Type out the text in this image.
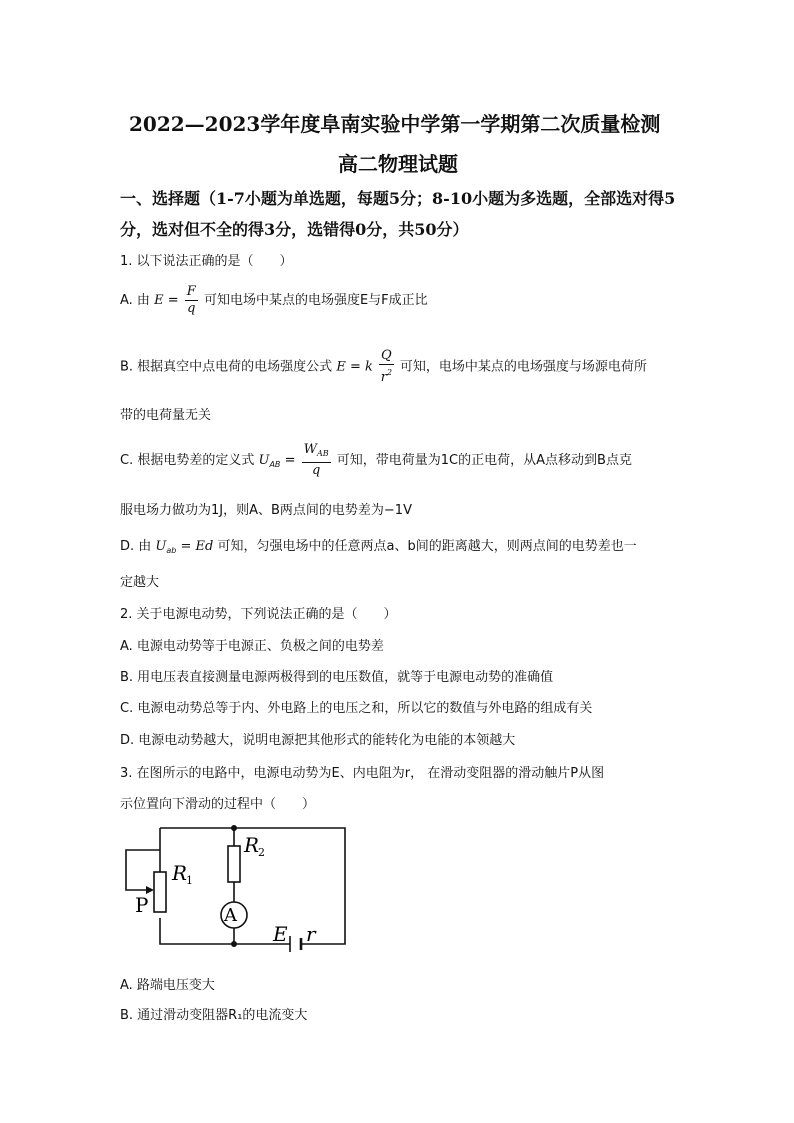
2022—2023学年度阜南实验中学第一学期第二次质量检测
高二物理试题
一、选择题（1-7小题为单选题，每题5分；8-10小题为多选题，全部选对得5
分，选对但不全的得3分，选错得0分，共50分）
1. 以下说法正确的是（　　）
A. 由 $E = \frac{F}{q}$ 可知电场中某点的电场强度E与F成正比
B. 根据真空中点电荷的电场强度公式 E = k $\frac{Q}{r^2}$ 可知，电场中某点的电场强度与场源电荷所
带的电荷量无关
C. 根据电势差的定义式 $U_{AB} = \frac{W_{AB}}{q}$ 可知，带电荷量为1C的正电荷，从A点移动到B点克
服电场力做功为1J，则A、B两点间的电势差为−1V
D. 由 $U_{ab} = Ed$ 可知，匀强电场中的任意两点a、b间的距离越大，则两点间的电势差也一
定越大
2. 关于电源电动势，下列说法正确的是（　　）
A. 电源电动势等于电源正、负极之间的电势差
B. 用电压表直接测量电源两极得到的电压数值，就等于电源电动势的准确值
C. 电源电动势总等于内、外电路上的电压之和，所以它的数值与外电路的组成有关
D. 电源电动势越大，说明电源把其他形式的能转化为电能的本领越大
3. 在图所示的电路中，电源电动势为E、内电阻为r， 在滑动变阻器的滑动触片P从图
示位置向下滑动的过程中（　　）
A
R
2
R
1
P
E r
A. 路端电压变大
B. 通过滑动变阻器R₁的电流变大
